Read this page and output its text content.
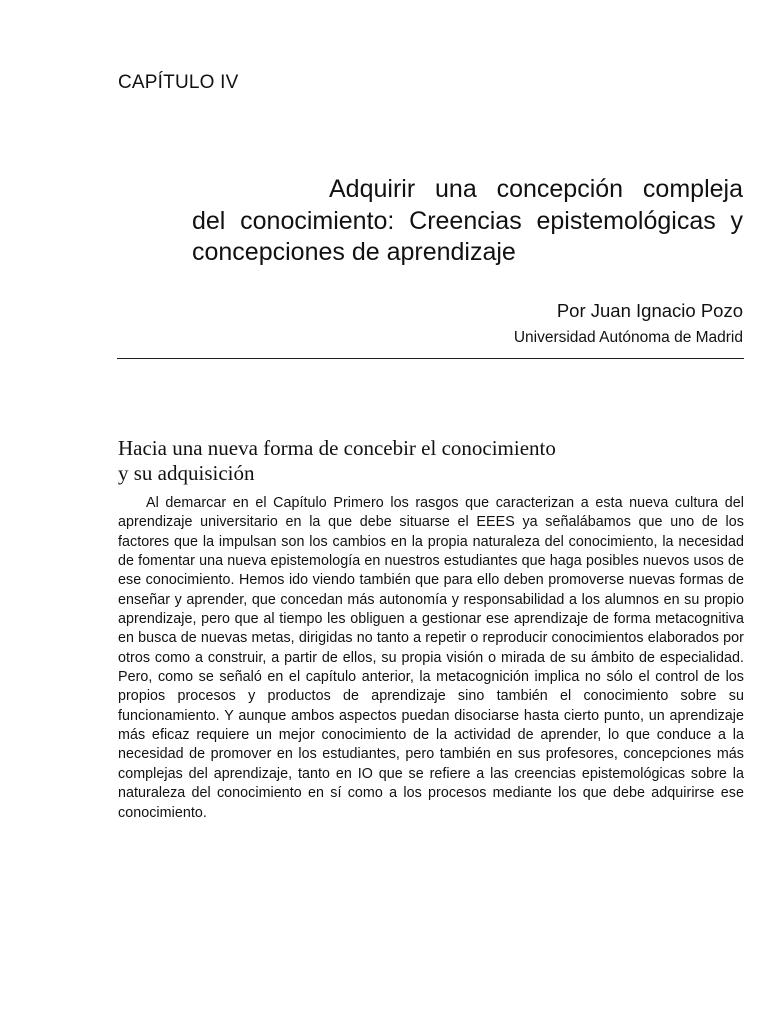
CAPÍTULO IV
Adquirir una concepción compleja del conocimiento: Creencias epistemológicas y concepciones de aprendizaje

Por Juan Ignacio Pozo

Universidad Autónoma de Madrid

Hacia una nueva forma de concebir el conocimiento
y su adquisición

Al demarcar en el Capítulo Primero los rasgos que caracterizan a esta nueva cultura del aprendizaje universitario en la que debe situarse el EEES ya señalábamos que uno de los factores que la impulsan son los cambios en la propia naturaleza del conocimiento, la necesidad de fomentar una nueva epistemología en nuestros estudiantes que haga posibles nuevos usos de ese conocimiento. Hemos ido viendo también que para ello deben promoverse nuevas formas de enseñar y aprender, que concedan más autonomía y responsabilidad a los alumnos en su propio aprendizaje, pero que al tiempo les obliguen a gestionar ese aprendizaje de forma metacognitiva en busca de nuevas metas, dirigidas no tanto a repetir o reproducir conocimientos elaborados por otros como a construir, a partir de ellos, su propia visión o mirada de su ámbito de especialidad. Pero, como se señaló en el capítulo anterior, la metacognición implica no sólo el control de los propios procesos y productos de aprendizaje sino también el conocimiento sobre su funcionamiento. Y aunque ambos aspectos puedan disociarse hasta cierto punto, un aprendizaje más eficaz requiere un mejor conocimiento de la actividad de aprender, lo que conduce a la necesidad de promover en los estudiantes, pero también en sus profesores, concepciones más complejas del aprendizaje, tanto en IO que se refiere a las creencias epistemológicas sobre la naturaleza del conocimiento en sí como a los procesos mediante los que debe adquirirse ese conocimiento.
